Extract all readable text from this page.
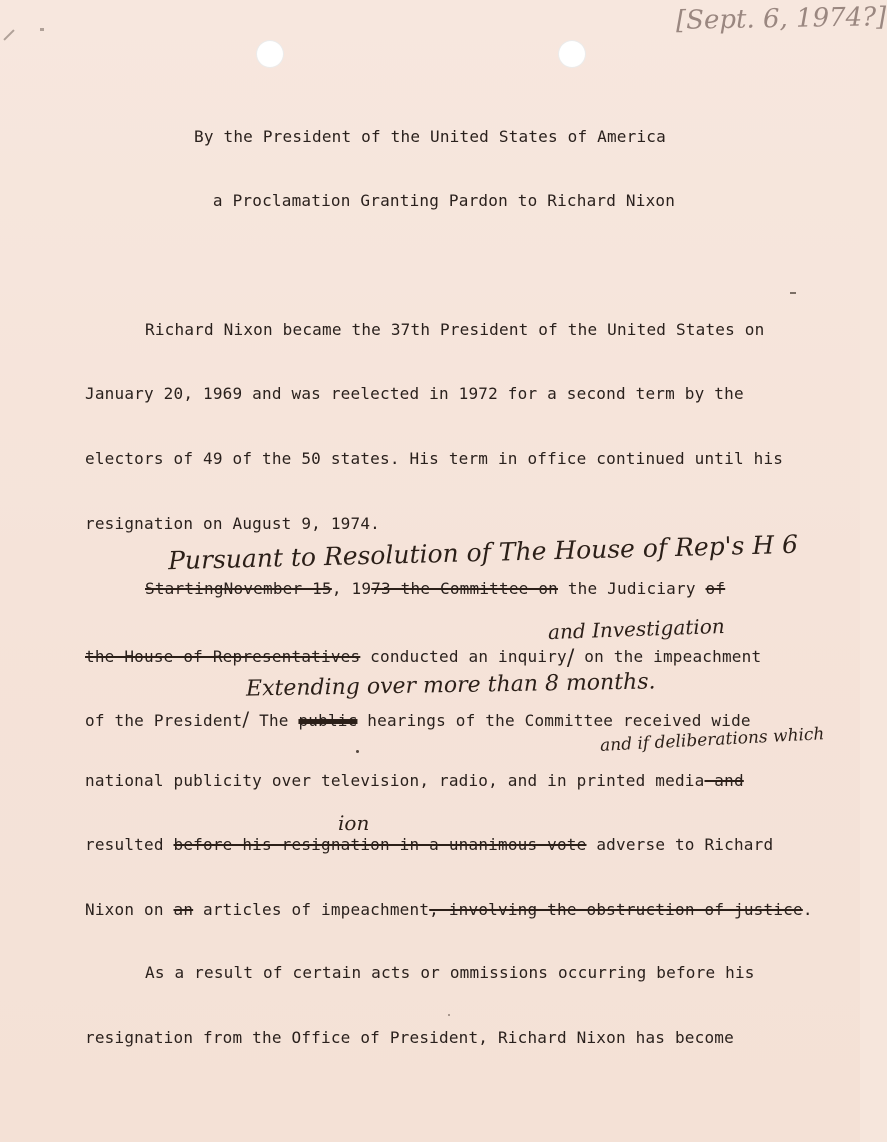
[Sept. 6, 1974?]
By the President of the United States of America
a Proclamation Granting Pardon to Richard Nixon
Richard Nixon became the 37th President of the United States on
January 20, 1969 and was reelected in 1972 for a second term by the
electors of 49 of the 50 states. His term in office continued until his
resignation on August 9, 1974.
Pursuant to Resolution of The House of Rep's H 6
StartingNovember 15, 1973 the Committee on the Judiciary of
and Investigation
the House of Representatives conducted an inquiry/ on the impeachment
Extending over more than 8 months.
of the President/ The public hearings of the Committee received wide
and if deliberations which
national publicity over television, radio, and in printed media and
ion
resulted before his resignation in a unanimous vote adverse to Richard
Nixon on an articles of impeachment, involving the obstruction of justice.
As a result of certain acts or ommissions occurring before his
resignation from the Office of President, Richard Nixon has become
